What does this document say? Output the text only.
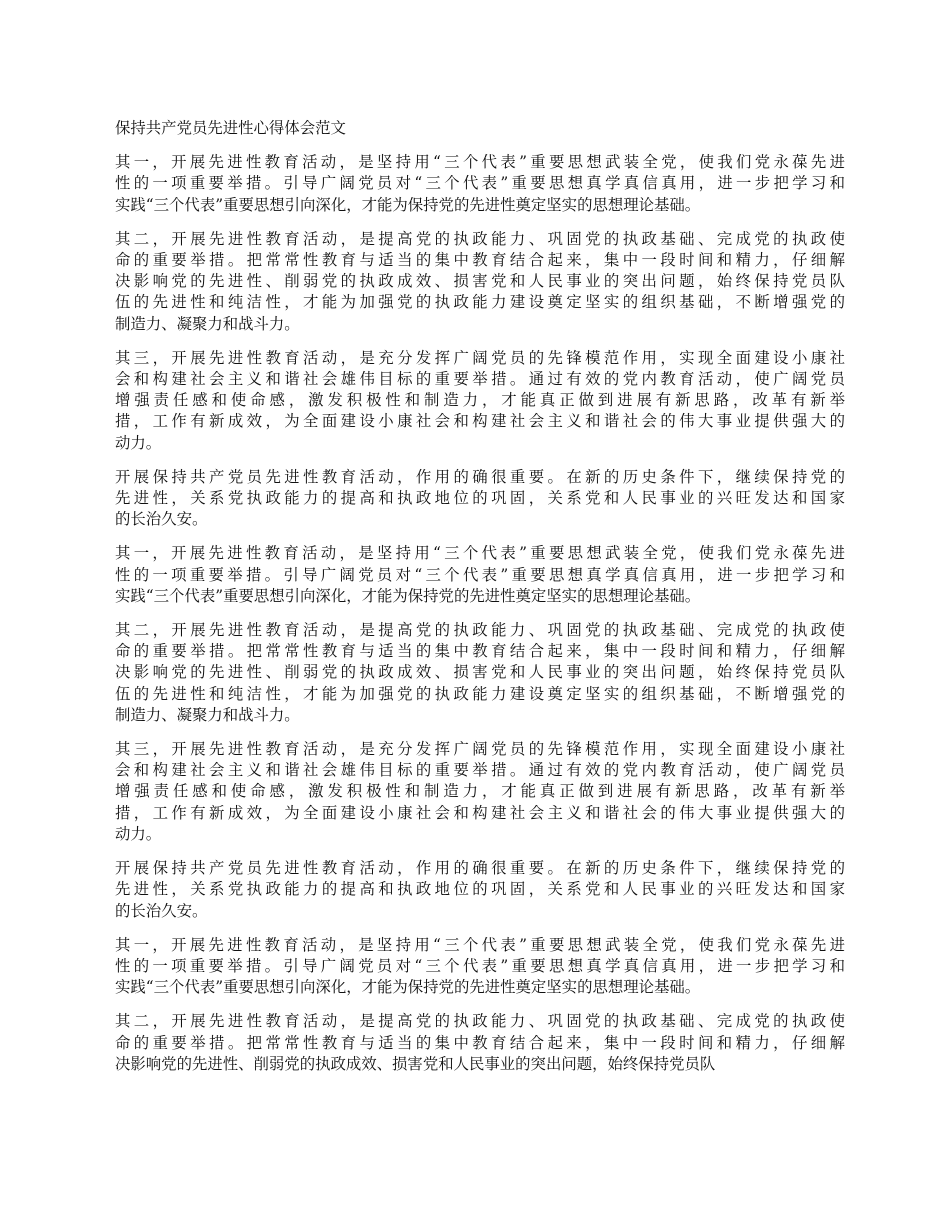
保持共产党员先进性心得体会范文

其一，开展先进性教育活动，是坚持用“三个代表”重要思想武装全党，使我们党永葆先进
性的一项重要举措。引导广阔党员对“三个代表”重要思想真学真信真用，进一步把学习和
实践“三个代表”重要思想引向深化，才能为保持党的先进性奠定坚实的思想理论基础。

其二，开展先进性教育活动，是提高党的执政能力、巩固党的执政基础、完成党的执政使
命的重要举措。把常常性教育与适当的集中教育结合起来，集中一段时间和精力，仔细解
决影响党的先进性、削弱党的执政成效、损害党和人民事业的突出问题，始终保持党员队
伍的先进性和纯洁性，才能为加强党的执政能力建设奠定坚实的组织基础，不断增强党的
制造力、凝聚力和战斗力。

其三，开展先进性教育活动，是充分发挥广阔党员的先锋模范作用，实现全面建设小康社
会和构建社会主义和谐社会雄伟目标的重要举措。通过有效的党内教育活动，使广阔党员
增强责任感和使命感，激发积极性和制造力，才能真正做到进展有新思路，改革有新举
措，工作有新成效，为全面建设小康社会和构建社会主义和谐社会的伟大事业提供强大的
动力。

开展保持共产党员先进性教育活动，作用的确很重要。在新的历史条件下，继续保持党的
先进性，关系党执政能力的提高和执政地位的巩固，关系党和人民事业的兴旺发达和国家
的长治久安。

其一，开展先进性教育活动，是坚持用“三个代表”重要思想武装全党，使我们党永葆先进
性的一项重要举措。引导广阔党员对“三个代表”重要思想真学真信真用，进一步把学习和
实践“三个代表”重要思想引向深化，才能为保持党的先进性奠定坚实的思想理论基础。

其二，开展先进性教育活动，是提高党的执政能力、巩固党的执政基础、完成党的执政使
命的重要举措。把常常性教育与适当的集中教育结合起来，集中一段时间和精力，仔细解
决影响党的先进性、削弱党的执政成效、损害党和人民事业的突出问题，始终保持党员队
伍的先进性和纯洁性，才能为加强党的执政能力建设奠定坚实的组织基础，不断增强党的
制造力、凝聚力和战斗力。

其三，开展先进性教育活动，是充分发挥广阔党员的先锋模范作用，实现全面建设小康社
会和构建社会主义和谐社会雄伟目标的重要举措。通过有效的党内教育活动，使广阔党员
增强责任感和使命感，激发积极性和制造力，才能真正做到进展有新思路，改革有新举
措，工作有新成效，为全面建设小康社会和构建社会主义和谐社会的伟大事业提供强大的
动力。

开展保持共产党员先进性教育活动，作用的确很重要。在新的历史条件下，继续保持党的
先进性，关系党执政能力的提高和执政地位的巩固，关系党和人民事业的兴旺发达和国家
的长治久安。

其一，开展先进性教育活动，是坚持用“三个代表”重要思想武装全党，使我们党永葆先进
性的一项重要举措。引导广阔党员对“三个代表”重要思想真学真信真用，进一步把学习和
实践“三个代表”重要思想引向深化，才能为保持党的先进性奠定坚实的思想理论基础。

其二，开展先进性教育活动，是提高党的执政能力、巩固党的执政基础、完成党的执政使
命的重要举措。把常常性教育与适当的集中教育结合起来，集中一段时间和精力，仔细解
决影响党的先进性、削弱党的执政成效、损害党和人民事业的突出问题，始终保持党员队
